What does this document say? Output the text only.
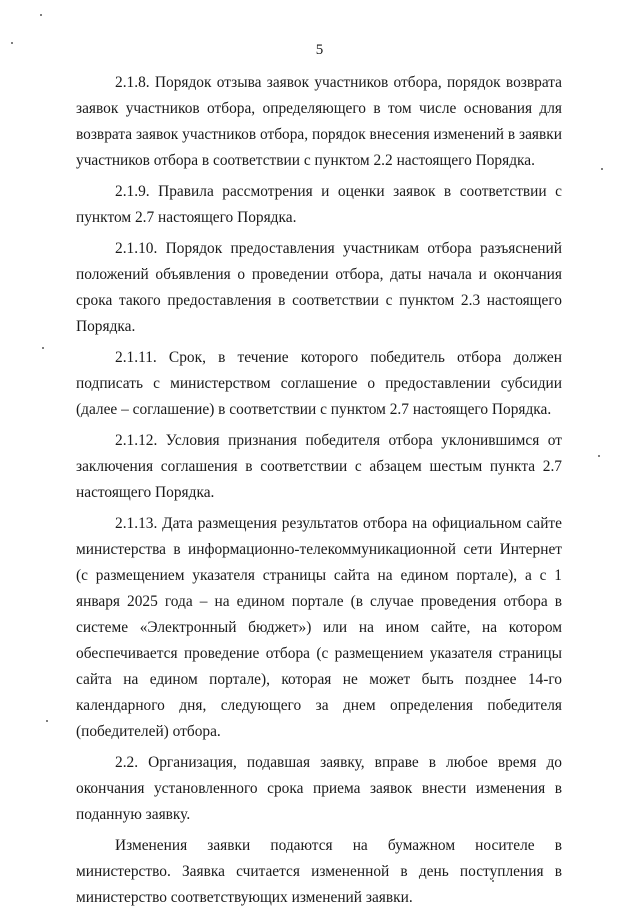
5

2.1.8. Порядок отзыва заявок участников отбора, порядок возврата заявок участников отбора, определяющего в том числе основания для возврата заявок участников отбора, порядок внесения изменений в заявки участников отбора в соответствии с пунктом 2.2 настоящего Порядка.

2.1.9. Правила рассмотрения и оценки заявок в соответствии с пунктом 2.7 настоящего Порядка.

2.1.10. Порядок предоставления участникам отбора разъяснений положений объявления о проведении отбора, даты начала и окончания срока такого предоставления в соответствии с пунктом 2.3 настоящего Порядка.

2.1.11. Срок, в течение которого победитель отбора должен подписать с министерством соглашение о предоставлении субсидии (далее – соглашение) в соответствии с пунктом 2.7 настоящего Порядка.

2.1.12. Условия признания победителя отбора уклонившимся от заключения соглашения в соответствии с абзацем шестым пункта 2.7 настоящего Порядка.

2.1.13. Дата размещения результатов отбора на официальном сайте министерства в информационно-телекоммуникационной сети Интернет (с размещением указателя страницы сайта на едином портале), а с 1 января 2025 года – на едином портале (в случае проведения отбора в системе «Электронный бюджет») или на ином сайте, на котором обеспечивается проведение отбора (с размещением указателя страницы сайта на едином портале), которая не может быть позднее 14-го календарного дня, следующего за днем определения победителя (победителей) отбора.

2.2. Организация, подавшая заявку, вправе в любое время до окончания установленного срока приема заявок внести изменения в поданную заявку.

Изменения заявки подаются на бумажном носителе в министерство. Заявка считается измененной в день поступления в министерство соответствующих изменений заявки.
